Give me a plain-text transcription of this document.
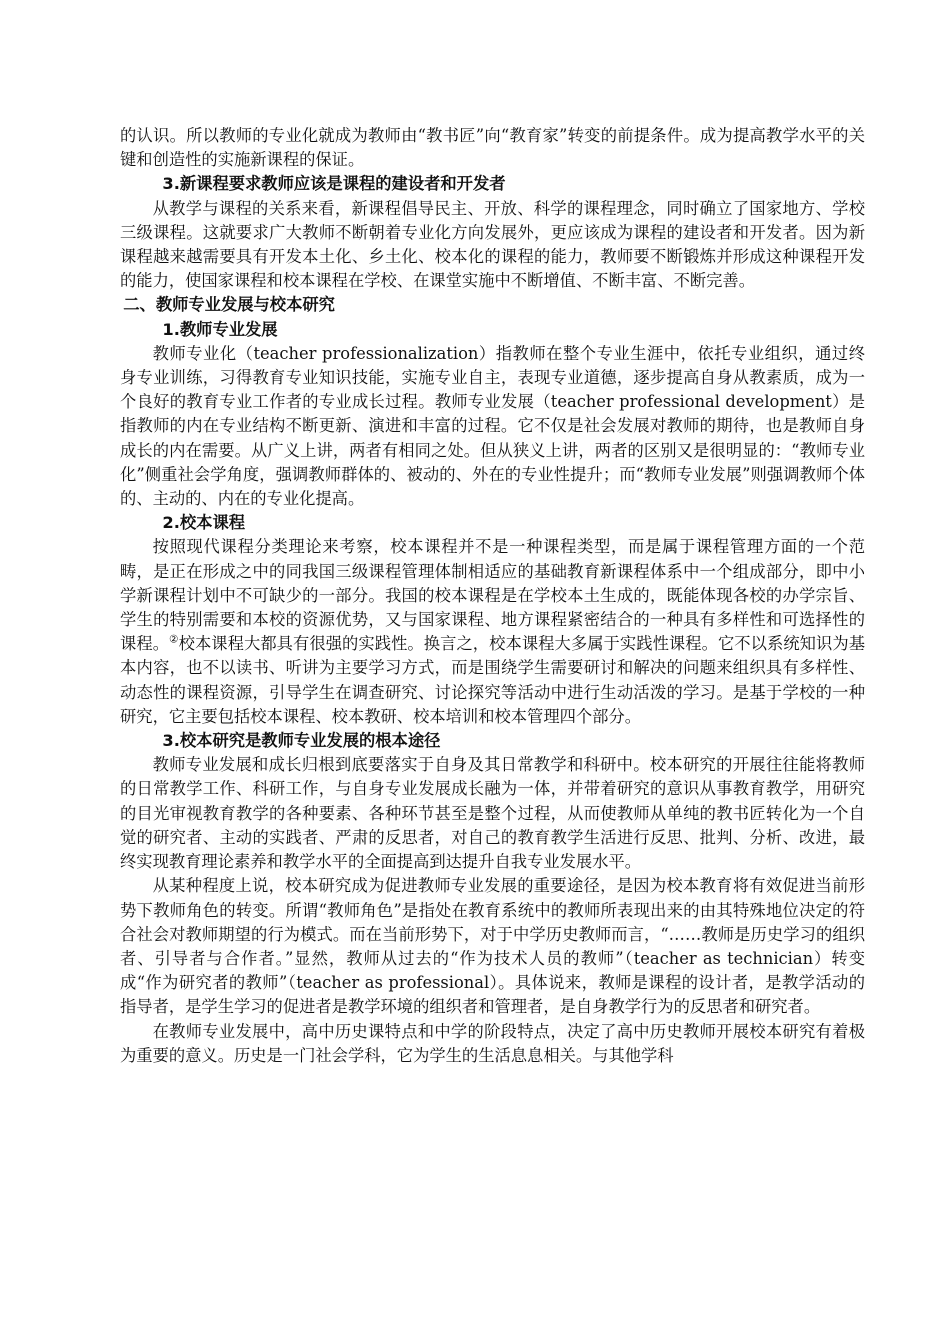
的认识。所以教师的专业化就成为教师由“教书匠”向“教育家”转变的前提条件。成为提高教学水平的关键和创造性的实施新课程的保证。

3.新课程要求教师应该是课程的建设者和开发者

从教学与课程的关系来看，新课程倡导民主、开放、科学的课程理念，同时确立了国家地方、学校三级课程。这就要求广大教师不断朝着专业化方向发展外，更应该成为课程的建设者和开发者。因为新课程越来越需要具有开发本土化、乡土化、校本化的课程的能力，教师要不断锻炼并形成这种课程开发的能力，使国家课程和校本课程在学校、在课堂实施中不断增值、不断丰富、不断完善。

二、教师专业发展与校本研究

1.教师专业发展

教师专业化（teacher professionalization）指教师在整个专业生涯中，依托专业组织，通过终身专业训练，习得教育专业知识技能，实施专业自主，表现专业道德，逐步提高自身从教素质，成为一个良好的教育专业工作者的专业成长过程。教师专业发展（teacher professional development）是指教师的内在专业结构不断更新、演进和丰富的过程。它不仅是社会发展对教师的期待，也是教师自身成长的内在需要。从广义上讲，两者有相同之处。但从狭义上讲，两者的区别又是很明显的：“教师专业化”侧重社会学角度，强调教师群体的、被动的、外在的专业性提升；而“教师专业发展”则强调教师个体的、主动的、内在的专业化提高。

2.校本课程

按照现代课程分类理论来考察，校本课程并不是一种课程类型，而是属于课程管理方面的一个范畴，是正在形成之中的同我国三级课程管理体制相适应的基础教育新课程体系中一个组成部分，即中小学新课程计划中不可缺少的一部分。我国的校本课程是在学校本土生成的，既能体现各校的办学宗旨、学生的特别需要和本校的资源优势，又与国家课程、地方课程紧密结合的一种具有多样性和可选择性的课程。②校本课程大都具有很强的实践性。换言之，校本课程大多属于实践性课程。它不以系统知识为基本内容，也不以读书、听讲为主要学习方式，而是围绕学生需要研讨和解决的问题来组织具有多样性、动态性的课程资源，引导学生在调查研究、讨论探究等活动中进行生动活泼的学习。是基于学校的一种研究，它主要包括校本课程、校本教研、校本培训和校本管理四个部分。

3.校本研究是教师专业发展的根本途径

教师专业发展和成长归根到底要落实于自身及其日常教学和科研中。校本研究的开展往往能将教师的日常教学工作、科研工作，与自身专业发展成长融为一体，并带着研究的意识从事教育教学，用研究的目光审视教育教学的各种要素、各种环节甚至是整个过程，从而使教师从单纯的教书匠转化为一个自觉的研究者、主动的实践者、严肃的反思者，对自己的教育教学生活进行反思、批判、分析、改进，最终实现教育理论素养和教学水平的全面提高到达提升自我专业发展水平。

从某种程度上说，校本研究成为促进教师专业发展的重要途径，是因为校本教育将有效促进当前形势下教师角色的转变。所谓“教师角色”是指处在教育系统中的教师所表现出来的由其特殊地位决定的符合社会对教师期望的行为模式。而在当前形势下，对于中学历史教师而言，“……教师是历史学习的组织者、引导者与合作者。”显然，教师从过去的“作为技术人员的教师”（teacher as technician）转变成“作为研究者的教师”（teacher as professional）。具体说来，教师是课程的设计者，是教学活动的指导者，是学生学习的促进者是教学环境的组织者和管理者，是自身教学行为的反思者和研究者。

在教师专业发展中，高中历史课特点和中学的阶段特点，决定了高中历史教师开展校本研究有着极为重要的意义。历史是一门社会学科，它为学生的生活息息相关。与其他学科
